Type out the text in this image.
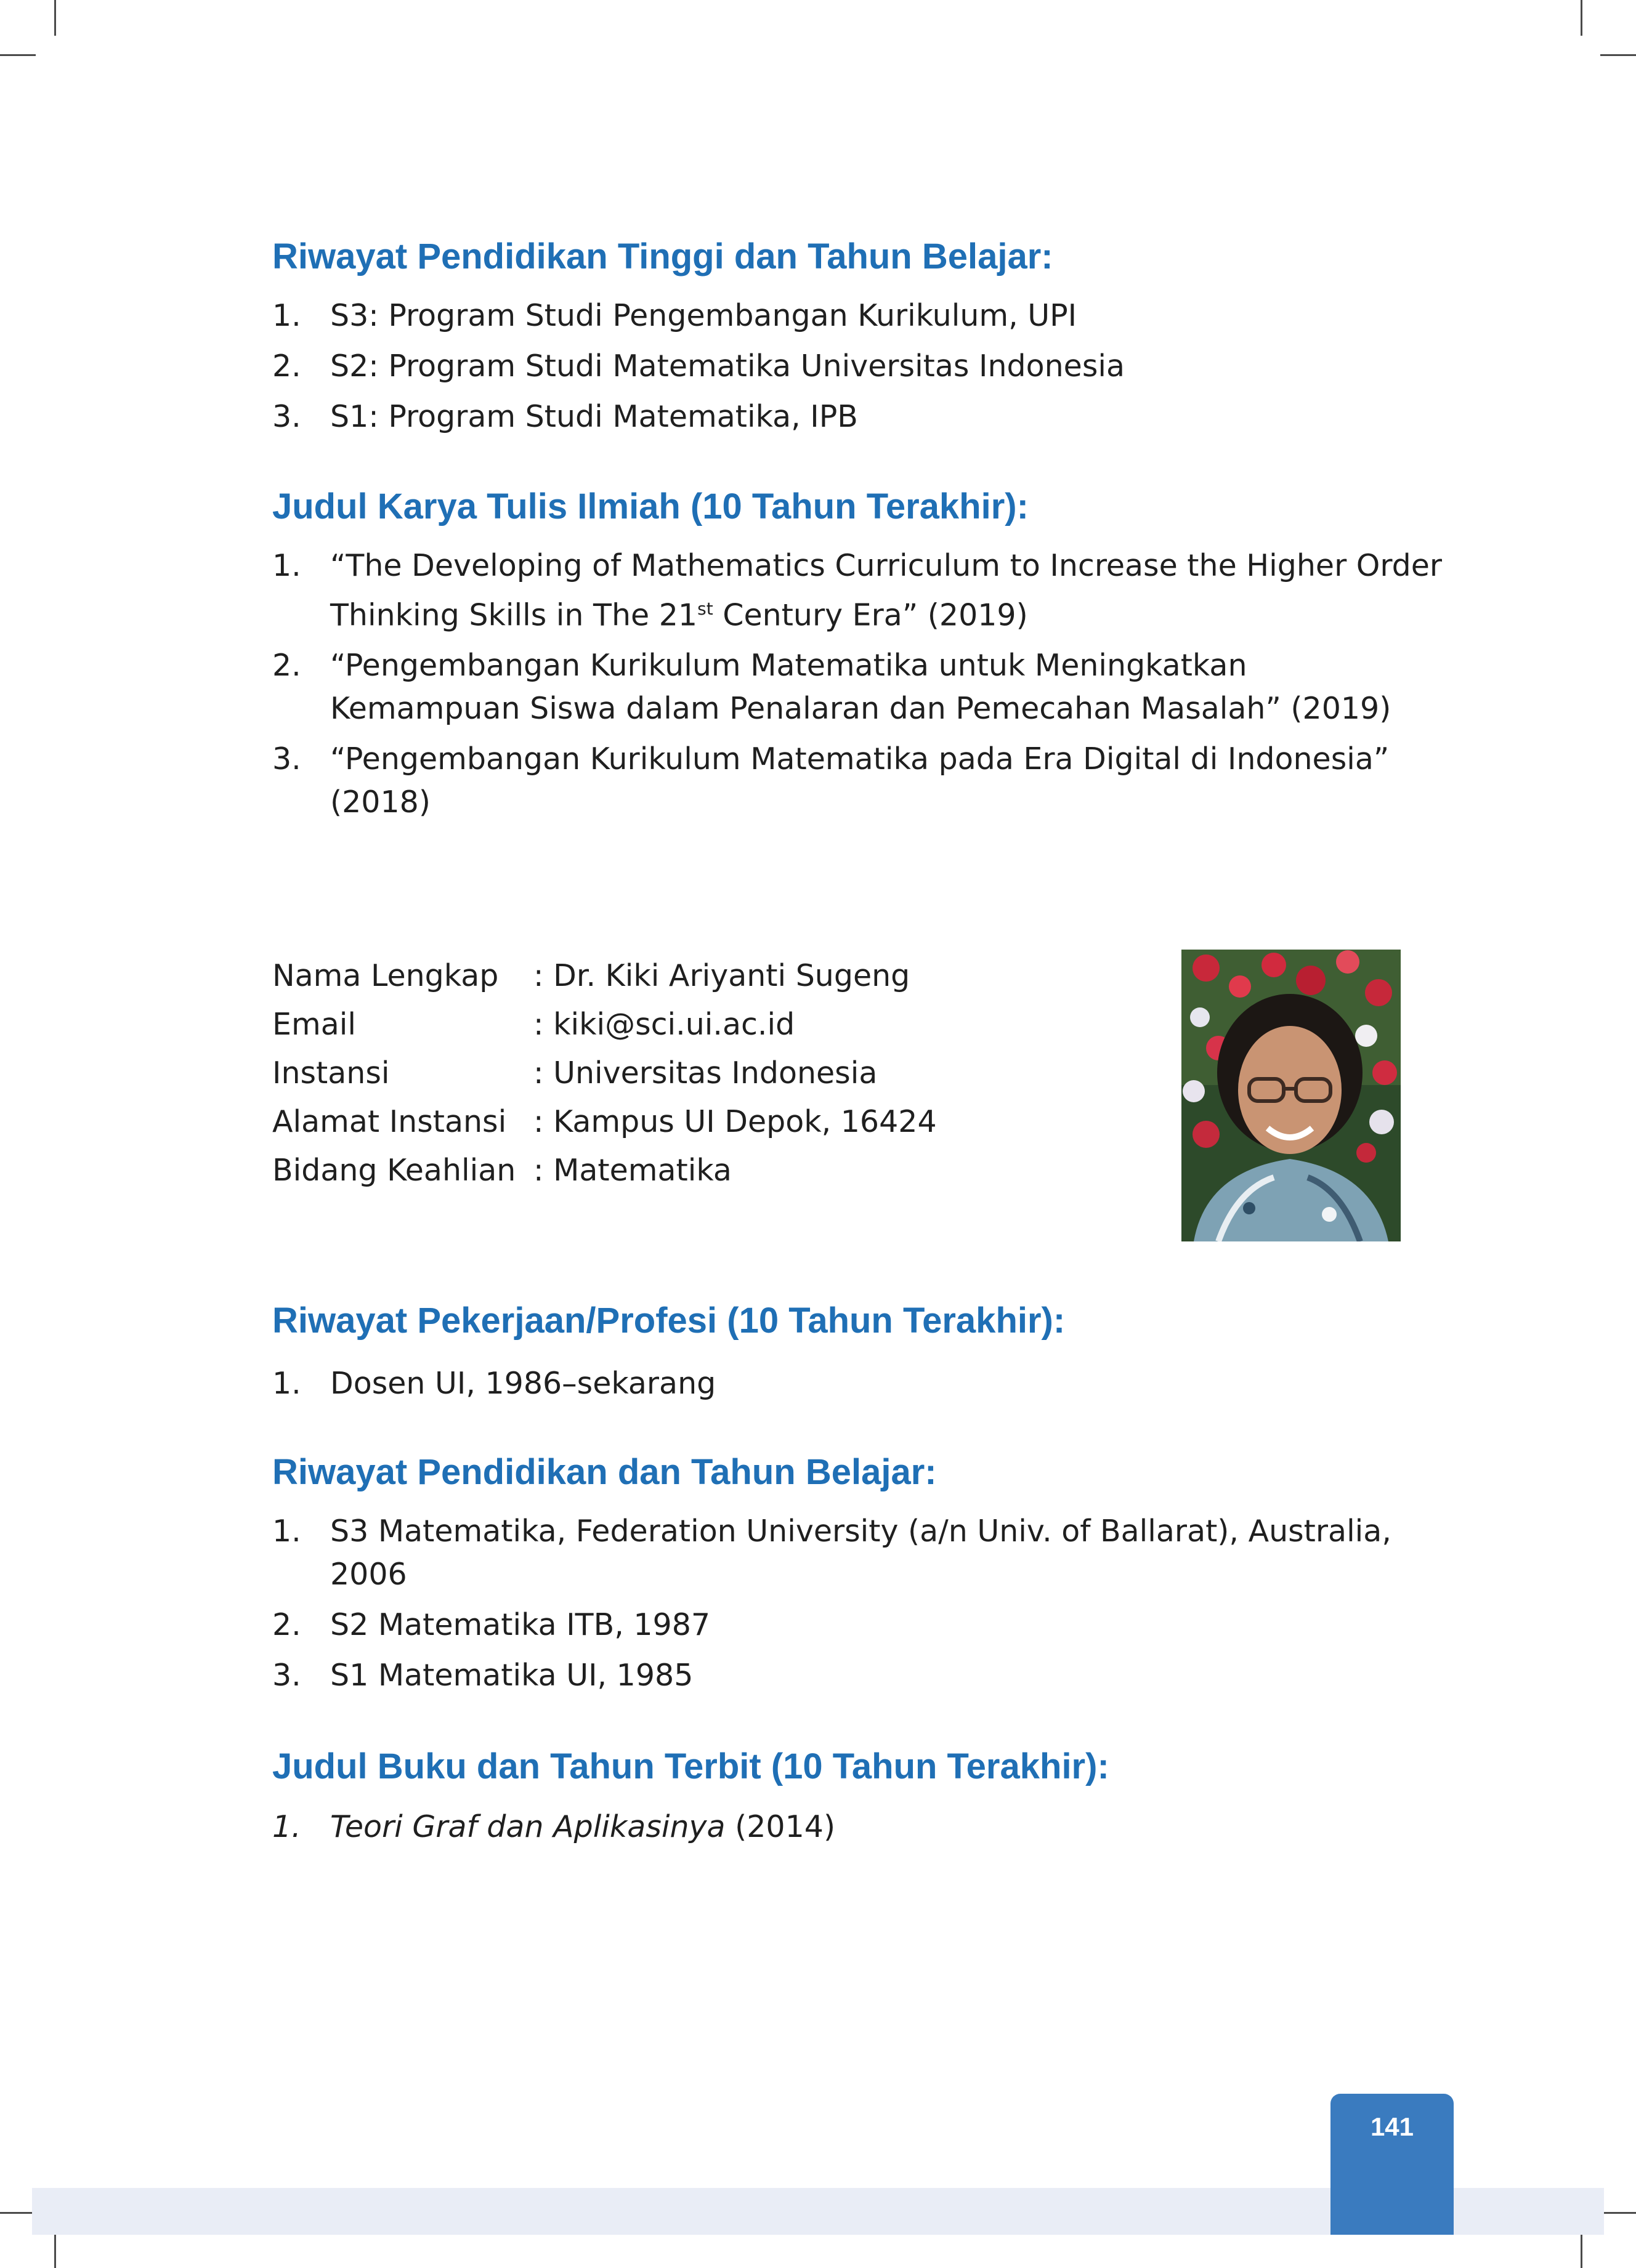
Riwayat Pendidikan Tinggi dan Tahun Belajar:
1. S3: Program Studi Pengembangan Kurikulum, UPI
2. S2: Program Studi Matematika Universitas Indonesia
3. S1: Program Studi Matematika, IPB
Judul Karya Tulis Ilmiah (10 Tahun Terakhir):
1. “The Developing of Mathematics Curriculum to Increase the Higher Order
Thinking Skills in The 21st Century Era” (2019)
2. “Pengembangan Kurikulum Matematika untuk Meningkatkan
Kemampuan Siswa dalam Penalaran dan Pemecahan Masalah” (2019)
3. “Pengembangan Kurikulum Matematika pada Era Digital di Indonesia”
(2018)
Nama Lengkap	: Dr. Kiki Ariyanti Sugeng
Email	: kiki@sci.ui.ac.id
Instansi	: Universitas Indonesia
Alamat Instansi : Kampus UI Depok, 16424
Bidang Keahlian : Matematika
Riwayat Pekerjaan/Profesi (10 Tahun Terakhir):
1. Dosen UI, 1986–sekarang
Riwayat Pendidikan dan Tahun Belajar:
1. S3 Matematika, Federation University (a/n Univ. of Ballarat), Australia,
2006
2. S2 Matematika ITB, 1987
3. S1 Matematika UI, 1985
Judul Buku dan Tahun Terbit (10 Tahun Terakhir):
1. Teori Graf dan Aplikasinya (2014)
141
